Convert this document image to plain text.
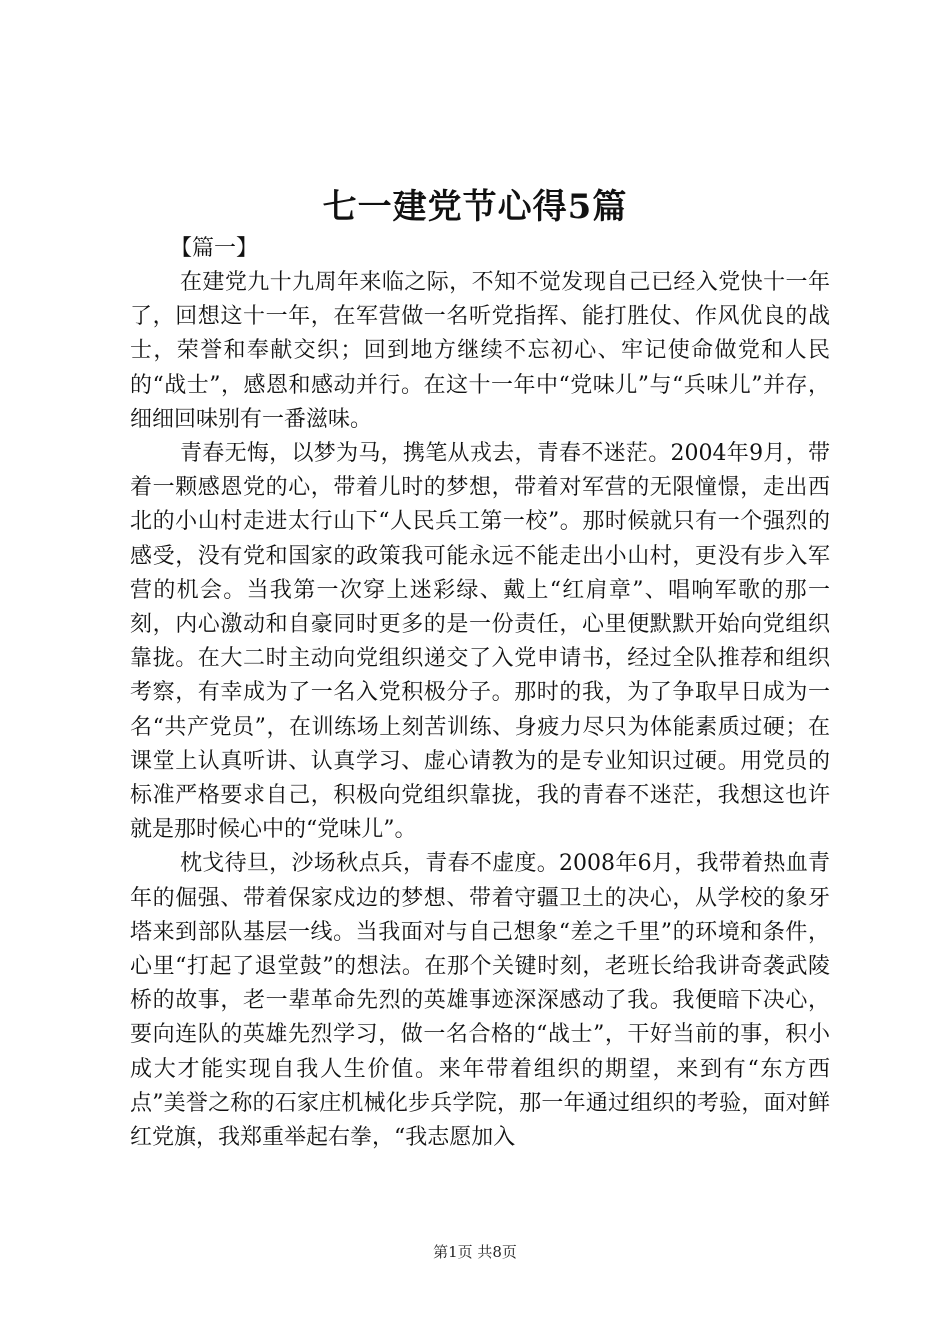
七一建党节心得5篇

【篇一】

在建党九十九周年来临之际，不知不觉发现自己已经入党快十一年了，回想这十一年，在军营做一名听党指挥、能打胜仗、作风优良的战士，荣誉和奉献交织；回到地方继续不忘初心、牢记使命做党和人民的“战士”，感恩和感动并行。在这十一年中“党味儿”与“兵味儿”并存，细细回味别有一番滋味。

青春无悔，以梦为马，携笔从戎去，青春不迷茫。2004年9月，带着一颗感恩党的心，带着儿时的梦想，带着对军营的无限憧憬，走出西北的小山村走进太行山下“人民兵工第一校”。那时候就只有一个强烈的感受，没有党和国家的政策我可能永远不能走出小山村，更没有步入军营的机会。当我第一次穿上迷彩绿、戴上“红肩章”、唱响军歌的那一刻，内心激动和自豪同时更多的是一份责任，心里便默默开始向党组织靠拢。在大二时主动向党组织递交了入党申请书，经过全队推荐和组织考察，有幸成为了一名入党积极分子。那时的我，为了争取早日成为一名“共产党员”，在训练场上刻苦训练、身疲力尽只为体能素质过硬；在课堂上认真听讲、认真学习、虚心请教为的是专业知识过硬。用党员的标准严格要求自己，积极向党组织靠拢，我的青春不迷茫，我想这也许就是那时候心中的“党味儿”。

枕戈待旦，沙场秋点兵，青春不虚度。2008年6月，我带着热血青年的倔强、带着保家戍边的梦想、带着守疆卫土的决心，从学校的象牙塔来到部队基层一线。当我面对与自己想象“差之千里”的环境和条件，心里“打起了退堂鼓”的想法。在那个关键时刻，老班长给我讲奇袭武陵桥的故事，老一辈革命先烈的英雄事迹深深感动了我。我便暗下决心，要向连队的英雄先烈学习，做一名合格的“战士”，干好当前的事，积小成大才能实现自我人生价值。来年带着组织的期望，来到有“东方西点”美誉之称的石家庄机械化步兵学院，那一年通过组织的考验，面对鲜红党旗，我郑重举起右拳，“我志愿加入

第1页 共8页
